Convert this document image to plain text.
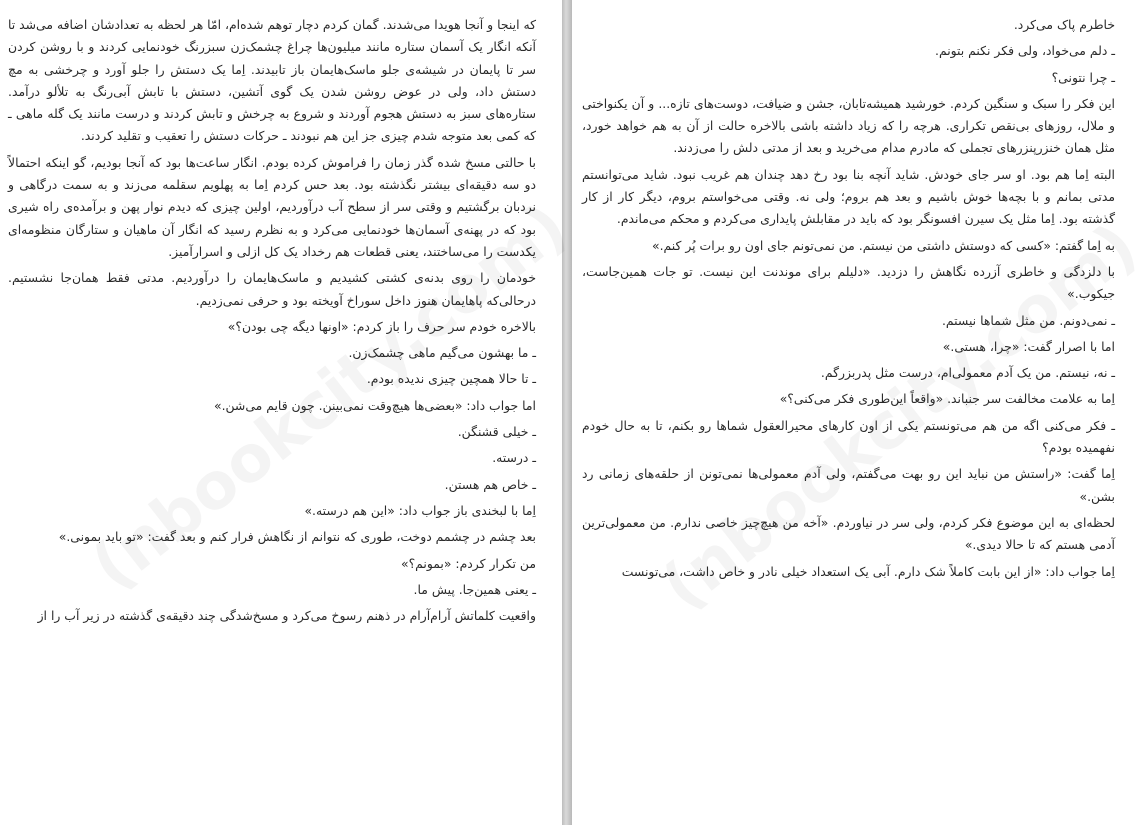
که اینجا و آنجا هویدا می‌شدند. گمان کردم دچار توهم شده‌ام، امّا هر لحظه به تعدادشان اضافه می‌شد تا آنکه انگار یک آسمان ستاره مانند میلیون‌ها چراغ چشمک‌زن سبزرنگ خودنمایی کردند و با روشن کردن سر تا پایمان در شیشه‌ی جلو ماسک‌هایمان باز تابیدند. اِما یک دستش را جلو آورد و چرخشی به مچ دستش داد، ولی در عوض روشن شدن یک گوی آتشین، دستش با تابش آبی‌رنگ به تلألو درآمد. ستاره‌های سبز به دستش هجوم آوردند و شروع به چرخش و تابش کردند و درست مانند یک گله ماهی ـ که کمی بعد متوجه شدم چیزی جز این هم نبودند ـ حرکات دستش را تعقیب و تقلید کردند.

با حالتی مسخ شده گذر زمان را فراموش کرده بودم. انگار ساعت‌ها بود که آنجا بودیم، گو اینکه احتمالاً دو سه دقیقه‌ای بیشتر نگذشته بود. بعد حس کردم اِما به پهلویم سقلمه می‌زند و به سمت درگاهی و نردبان برگشتیم و وقتی سر از سطح آب درآوردیم، اولین چیزی که دیدم نوار پهن و برآمده‌ی راه شیری بود که در پهنه‌ی آسمان‌ها خودنمایی می‌کرد و به نظرم رسید که انگار آن ماهیان و ستارگان منظومه‌ای یکدست را می‌ساختند، یعنی قطعات هم رخداد یک کل ازلی و اسرارآمیز.

خودمان را روی بدنه‌ی کشتی کشیدیم و ماسک‌هایمان را درآوردیم. مدتی فقط همان‌جا نشستیم. درحالی‌که پاهایمان هنوز داخل سوراخ آویخته بود و حرفی نمی‌زدیم.

بالاخره خودم سر حرف را باز کردم: «اونها دیگه چی بودن؟»

ـ ما بهشون می‌گیم ماهی چشمک‌زن.

ـ تا حالا همچین چیزی ندیده بودم.

اما جواب داد: «بعضی‌ها هیچ‌وقت نمی‌بینن. چون قایم می‌شن.»

ـ خیلی قشنگن.

ـ درسته.

ـ خاص هم هستن.

اِما با لبخندی باز جواب داد: «این هم درسته.»

بعد چشم در چشمم دوخت، طوری که نتوانم از نگاهش فرار کنم و بعد گفت: «تو باید بمونی.»

من تکرار کردم: «بمونم؟»

ـ یعنی همین‌جا. پیش ما.

واقعیت کلماتش آرام‌آرام در ذهنم رسوخ می‌کرد و مسخ‌شدگی چند دقیقه‌ی گذشته در زیر آب را از

خاطرم پاک می‌کرد.

ـ دلم می‌خواد، ولی فکر نکنم بتونم.

ـ چرا نتونی؟

این فکر را سبک و سنگین کردم. خورشید همیشه‌تابان، جشن و ضیافت، دوست‌های تازه... و آن یکنواختی و ملال، روزهای بی‌نقص تکراری. هرچه را که زیاد داشته باشی بالاخره حالت از آن به هم خواهد خورد، مثل همان خنزرپنزرهای تجملی که مادرم مدام می‌خرید و بعد از مدتی دلش را می‌زدند.

البته اِما هم بود. او سر جای خودش. شاید آنچه بنا بود رخ دهد چندان هم غریب نبود. شاید می‌توانستم مدتی بمانم و با بچه‌ها خوش باشیم و بعد هم بروم؛ ولی نه. وقتی می‌خواستم بروم، دیگر کار از کار گذشته بود. اِما مثل یک سیرن افسونگر بود که باید در مقابلش پایداری می‌کردم و محکم می‌ماندم.

به اِما گفتم: «کسی که دوستش داشتی من نیستم. من نمی‌تونم جای اون رو برات پُر کنم.»

با دلزدگی و خاطری آزرده نگاهش را دزدید. «دلیلم برای موندنت این نیست. تو جات همین‌جاست، جیکوب.»

ـ نمی‌دونم. من مثل شماها نیستم.

اما با اصرار گفت: «چرا، هستی.»

ـ نه، نیستم. من یک آدم معمولی‌ام، درست مثل پدربزرگم.

اِما به علامت مخالفت سر جنباند. «واقعاً این‌طوری فکر می‌کنی؟»

ـ فکر می‌کنی اگه من هم می‌تونستم یکی از اون کارهای محیرالعقول شماها رو بکنم، تا به حال خودم نفهمیده بودم؟

اِما گفت: «راستش من نباید این رو بهت می‌گفتم، ولی آدم معمولی‌ها نمی‌تونن از حلقه‌های زمانی رد بشن.»

لحظه‌ای به این موضوع فکر کردم، ولی سر در نیاوردم. «آخه من هیچ‌چیز خاصی ندارم. من معمولی‌ترین آدمی هستم که تا حالا دیدی.»

اِما جواب داد: «از این بابت کاملاً شک دارم. آبی یک استعداد خیلی نادر و خاص داشت، می‌تونست
